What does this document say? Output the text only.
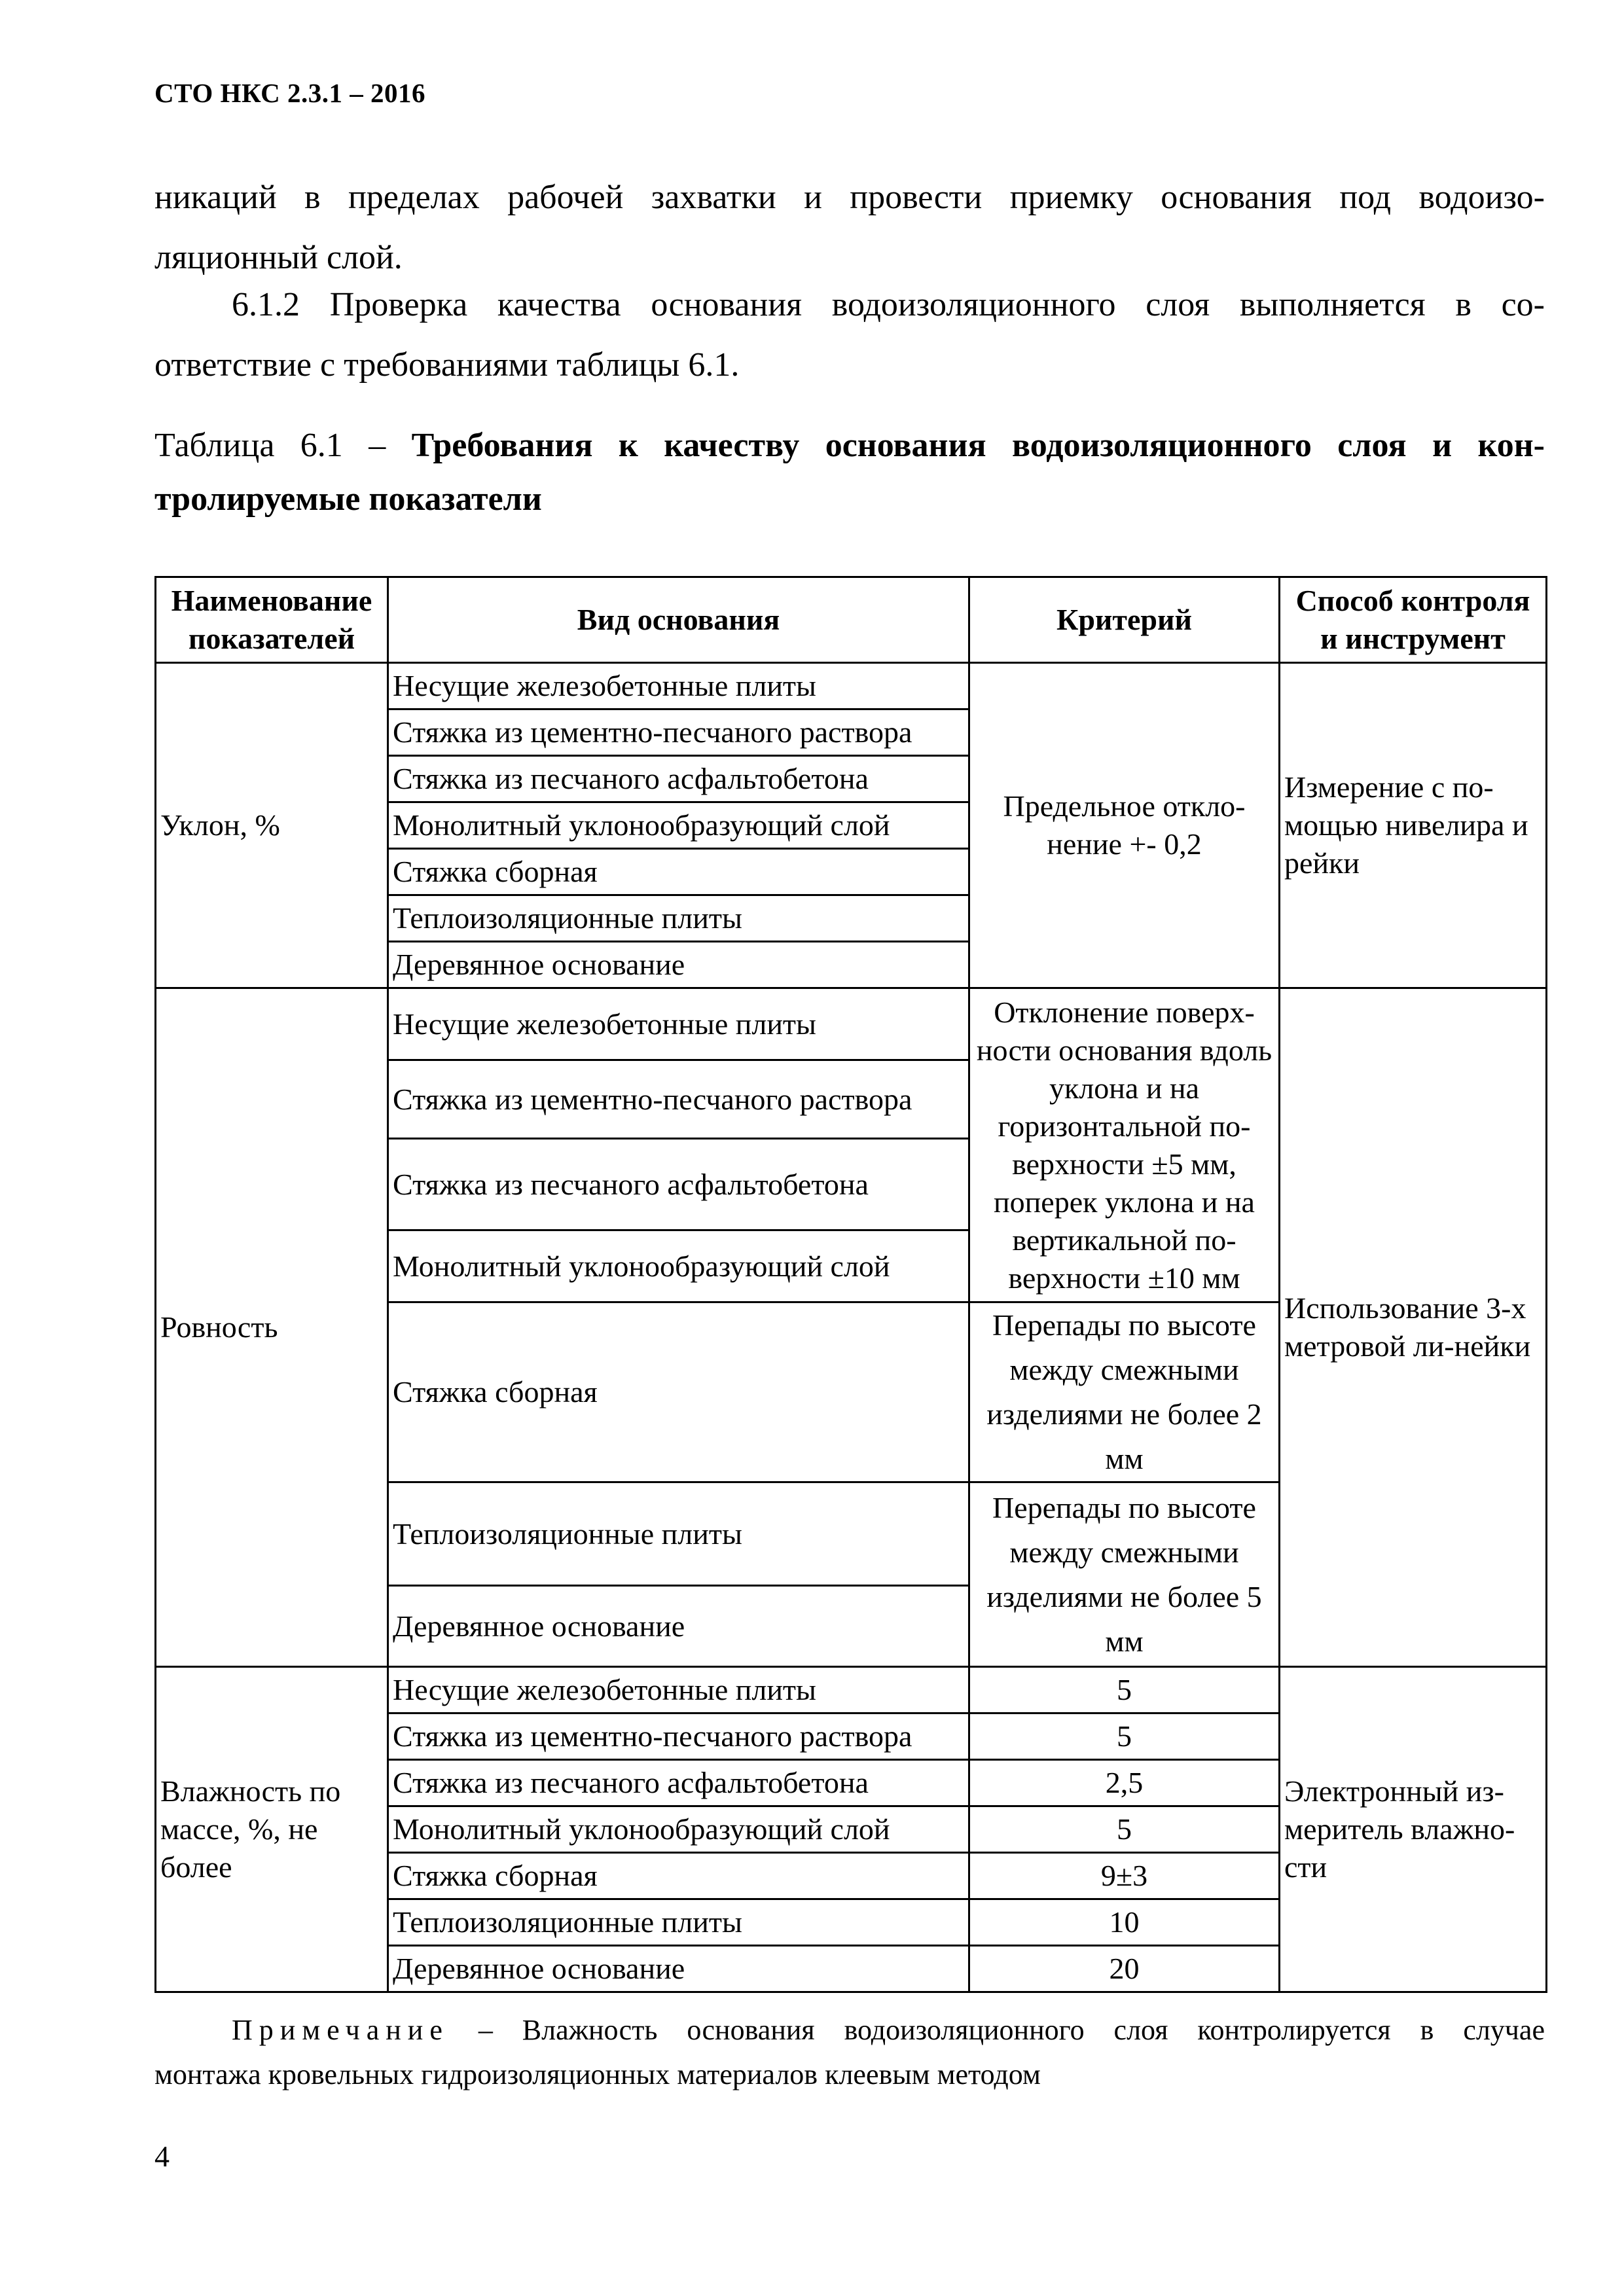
СТО НКС 2.3.1 – 2016
никаций в пределах рабочей захватки и провести приемку основания под водоизо-
ляционный слой.
6.1.2 Проверка качества основания водоизоляционного слоя выполняется в со-
ответствие с требованиями таблицы 6.1.
Таблица 6.1 – Требования к качеству основания водоизоляционного слоя и кон-
тролируемые показатели
Наименование показателей	Вид основания	Критерий	Способ контроля и инструмент
Уклон, %	Несущие железобетонные плиты	Предельное откло-нение +- 0,2	Измерение с по-мощью нивелира и рейки
	Стяжка из цементно-песчаного раствора		
	Стяжка из песчаного асфальтобетона		
	Монолитный уклонообразующий слой		
	Стяжка сборная		
	Теплоизоляционные плиты		
	Деревянное основание		
Ровность	Несущие железобетонные плиты	Отклонение поверх-ности основания вдоль уклона и на горизонтальной по-верхности ±5 мм, поперек уклона и на вертикальной по-верхности ±10 мм	Использование 3-х метровой ли-нейки
	Стяжка из цементно-песчаного раствора		
	Стяжка из песчаного асфальтобетона		
	Монолитный уклонообразующий слой		
	Стяжка сборная	Перепады по высоте между смежными изделиями не более 2 мм	
	Теплоизоляционные плиты	Перепады по высоте между смежными изделиями не более 5 мм	
	Деревянное основание		
Влажность по массе, %, не более	Несущие железобетонные плиты	5	Электронный из-меритель влажно-сти
	Стяжка из цементно-песчаного раствора	5	
	Стяжка из песчаного асфальтобетона	2,5	
	Монолитный уклонообразующий слой	5	
	Стяжка сборная	9±3	
	Теплоизоляционные плиты	10	
	Деревянное основание	20	
Примечание – Влажность основания водоизоляционного слоя контролируется в случае
монтажа кровельных гидроизоляционных материалов клеевым методом
4
